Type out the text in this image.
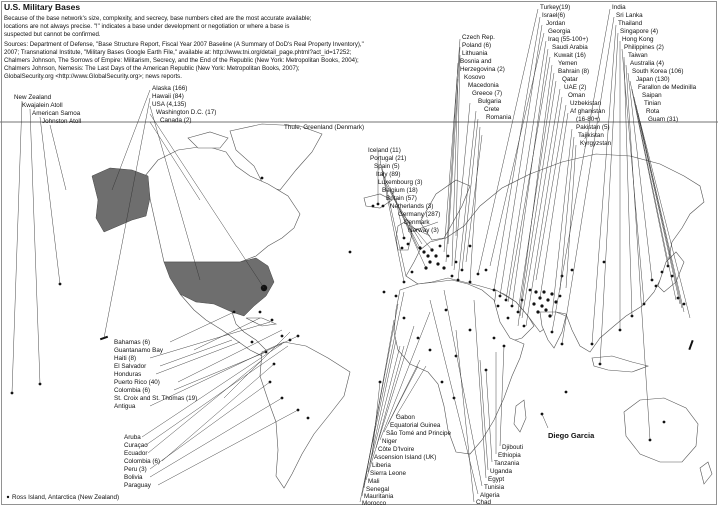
U.S. Military Bases
Because of the base network's size, complexity, and secrecy, base numbers cited are the most accurate available;
locations are not always precise. "!" indicates a base under development or negotiation or where a base is
suspected but cannot be confirmed.
Sources: Department of Defense, "Base Structure Report, Fiscal Year 2007 Baseline (A Summary of DoD's Real Property Inventory),"
2007; Transnational Institute, "Military Bases Google Earth File," available at: http://www.tni.org/detail_page.phtml?act_id=17252;
Chalmers Johnson, The Sorrows of Empire: Militarism, Secrecy, and the End of the Republic (New York: Metropolitan Books, 2004);
Chalmers Johnson, Nemesis: The Last Days of the American Republic (New York: Metropolitan Books, 2007);
GlobalSecurity.org <http://www.GlobalSecurity.org>; news reports.
New Zealand
Kwajalein Atoll
American Samoa
Johnston Atoll
Alaska (166)
Hawaii (84)
USA (4,135)
Washington D.C. (17)
Canada (2)
Thule, Greenland (Denmark)
Iceland (11)
Portugal (21)
Spain (5)
Italy (89)
Luxembourg (3)
Belgium (18)
Britain (57)
Netherlands (3)
Germany (287)
Denmark
Norway (3)
Czech Rep.
Poland (6)
Lithuania
Bosnia and
Herzegovina (2)
Kosovo
Macedonia
Greece (7)
Bulgaria
Crete
Romania
Turkey(19)
Israel(6)
Jordan
Georgia
Iraq (55-100+)
Saudi Arabia
Kuwait (16)
Yemen
Bahrain (8)
Qatar
UAE (2)
Oman
Uzbekistan
Af ghanistan
(16-80+)
Pakistan (5)
Tajikistan
Kyrgyzstan
India
Sri Lanka
Thailand
Singapore (4)
Hong Kong
Philippines (2)
Taiwan
Australia (4)
South Korea (106)
Japan (130)
Farallon de Medinilla
Saipan
Tinian
Rota
Guam (31)
Bahamas (6)
Guantanamo Bay
Haiti (8)
El Salvador
Honduras
Puerto Rico (40)
Colombia (6)
St. Croix and St. Thomas (19)
Antigua
Aruba
Curaçao
Ecuador
Colombia (6)
Peru (3)
Bolivia
Paraguay
Gabon
Equatorial Guinea
São Tomé and Principe
Niger
Côte D'Ivoire
Ascension Island (UK)
Liberia
Sierra Leone
Mali
Senegal
Mauritania
Morocco
Djibouti
Ethiopia
Tanzania
Uganda
Egypt
Tunisia
Algeria
Chad
Diego Garcia
Ross Island, Antarctica (New Zealand)
